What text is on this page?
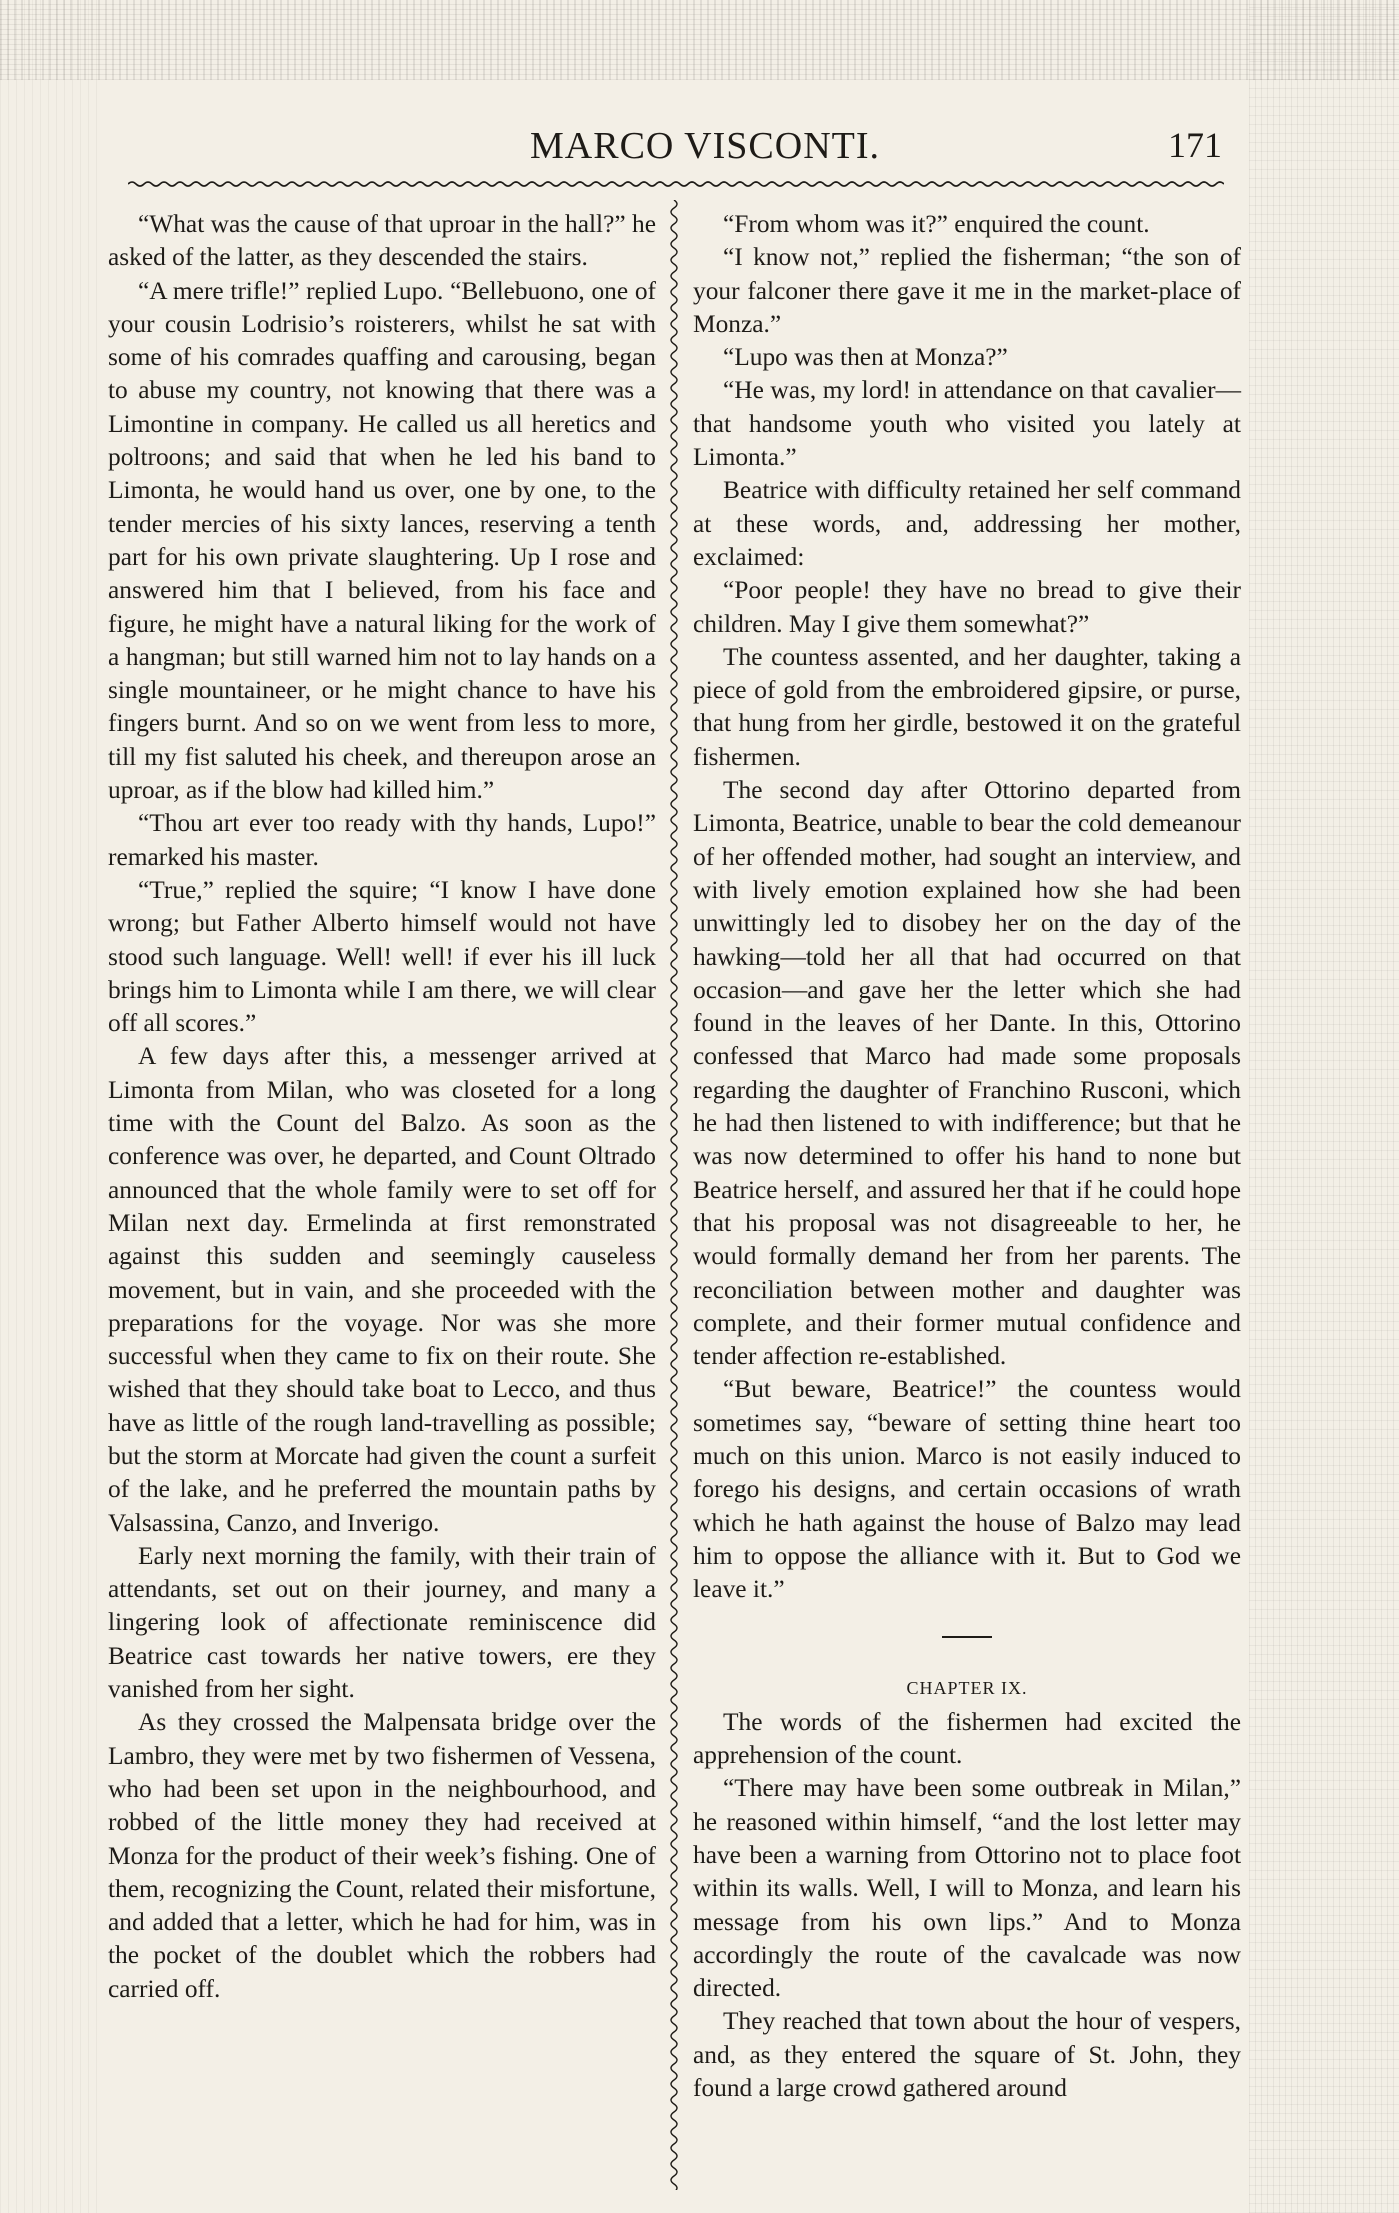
MARCO VISCONTI.	171

“What was the cause of that uproar in the hall?” he asked of the latter, as they descended the stairs.

“A mere trifle!” replied Lupo. “Bellebuono, one of your cousin Lodrisio’s roisterers, whilst he sat with some of his comrades quaffing and carousing, began to abuse my country, not knowing that there was a Limontine in company. He called us all heretics and poltroons; and said that when he led his band to Limonta, he would hand us over, one by one, to the tender mercies of his sixty lances, reserving a tenth part for his own private slaughtering. Up I rose and answered him that I believed, from his face and figure, he might have a natural liking for the work of a hangman; but still warned him not to lay hands on a single mountaineer, or he might chance to have his fingers burnt. And so on we went from less to more, till my fist saluted his cheek, and thereupon arose an uproar, as if the blow had killed him.”

“Thou art ever too ready with thy hands, Lupo!” remarked his master.

“True,” replied the squire; “I know I have done wrong; but Father Alberto himself would not have stood such language. Well! well! if ever his ill luck brings him to Limonta while I am there, we will clear off all scores.”

A few days after this, a messenger arrived at Limonta from Milan, who was closeted for a long time with the Count del Balzo. As soon as the conference was over, he departed, and Count Oltrado announced that the whole family were to set off for Milan next day. Ermelinda at first remonstrated against this sudden and seemingly causeless movement, but in vain, and she proceeded with the preparations for the voyage. Nor was she more successful when they came to fix on their route. She wished that they should take boat to Lecco, and thus have as little of the rough land-travelling as possible; but the storm at Morcate had given the count a surfeit of the lake, and he preferred the mountain paths by Valsassina, Canzo, and Inverigo.

Early next morning the family, with their train of attendants, set out on their journey, and many a lingering look of affectionate reminiscence did Beatrice cast towards her native towers, ere they vanished from her sight.

As they crossed the Malpensata bridge over the Lambro, they were met by two fishermen of Vessena, who had been set upon in the neighbourhood, and robbed of the little money they had received at Monza for the product of their week’s fishing. One of them, recognizing the Count, related their misfortune, and added that a letter, which he had for him, was in the pocket of the doublet which the robbers had carried off.

“From whom was it?” enquired the count.

“I know not,” replied the fisherman; “the son of your falconer there gave it me in the market-place of Monza.”

“Lupo was then at Monza?”

“He was, my lord! in attendance on that cavalier—that handsome youth who visited you lately at Limonta.”

Beatrice with difficulty retained her self command at these words, and, addressing her mother, exclaimed:

“Poor people! they have no bread to give their children. May I give them somewhat?”

The countess assented, and her daughter, taking a piece of gold from the embroidered gipsire, or purse, that hung from her girdle, bestowed it on the grateful fishermen.

The second day after Ottorino departed from Limonta, Beatrice, unable to bear the cold demeanour of her offended mother, had sought an interview, and with lively emotion explained how she had been unwittingly led to disobey her on the day of the hawking—told her all that had occurred on that occasion—and gave her the letter which she had found in the leaves of her Dante. In this, Ottorino confessed that Marco had made some proposals regarding the daughter of Franchino Rusconi, which he had then listened to with indifference; but that he was now determined to offer his hand to none but Beatrice herself, and assured her that if he could hope that his proposal was not disagreeable to her, he would formally demand her from her parents. The reconciliation between mother and daughter was complete, and their former mutual confidence and tender affection re-established.

“But beware, Beatrice!” the countess would sometimes say, “beware of setting thine heart too much on this union. Marco is not easily induced to forego his designs, and certain occasions of wrath which he hath against the house of Balzo may lead him to oppose the alliance with it. But to God we leave it.”

CHAPTER IX.

The words of the fishermen had excited the apprehension of the count.

“There may have been some outbreak in Milan,” he reasoned within himself, “and the lost letter may have been a warning from Ottorino not to place foot within its walls. Well, I will to Monza, and learn his message from his own lips.” And to Monza accordingly the route of the cavalcade was now directed.

They reached that town about the hour of vespers, and, as they entered the square of St. John, they found a large crowd gathered around
